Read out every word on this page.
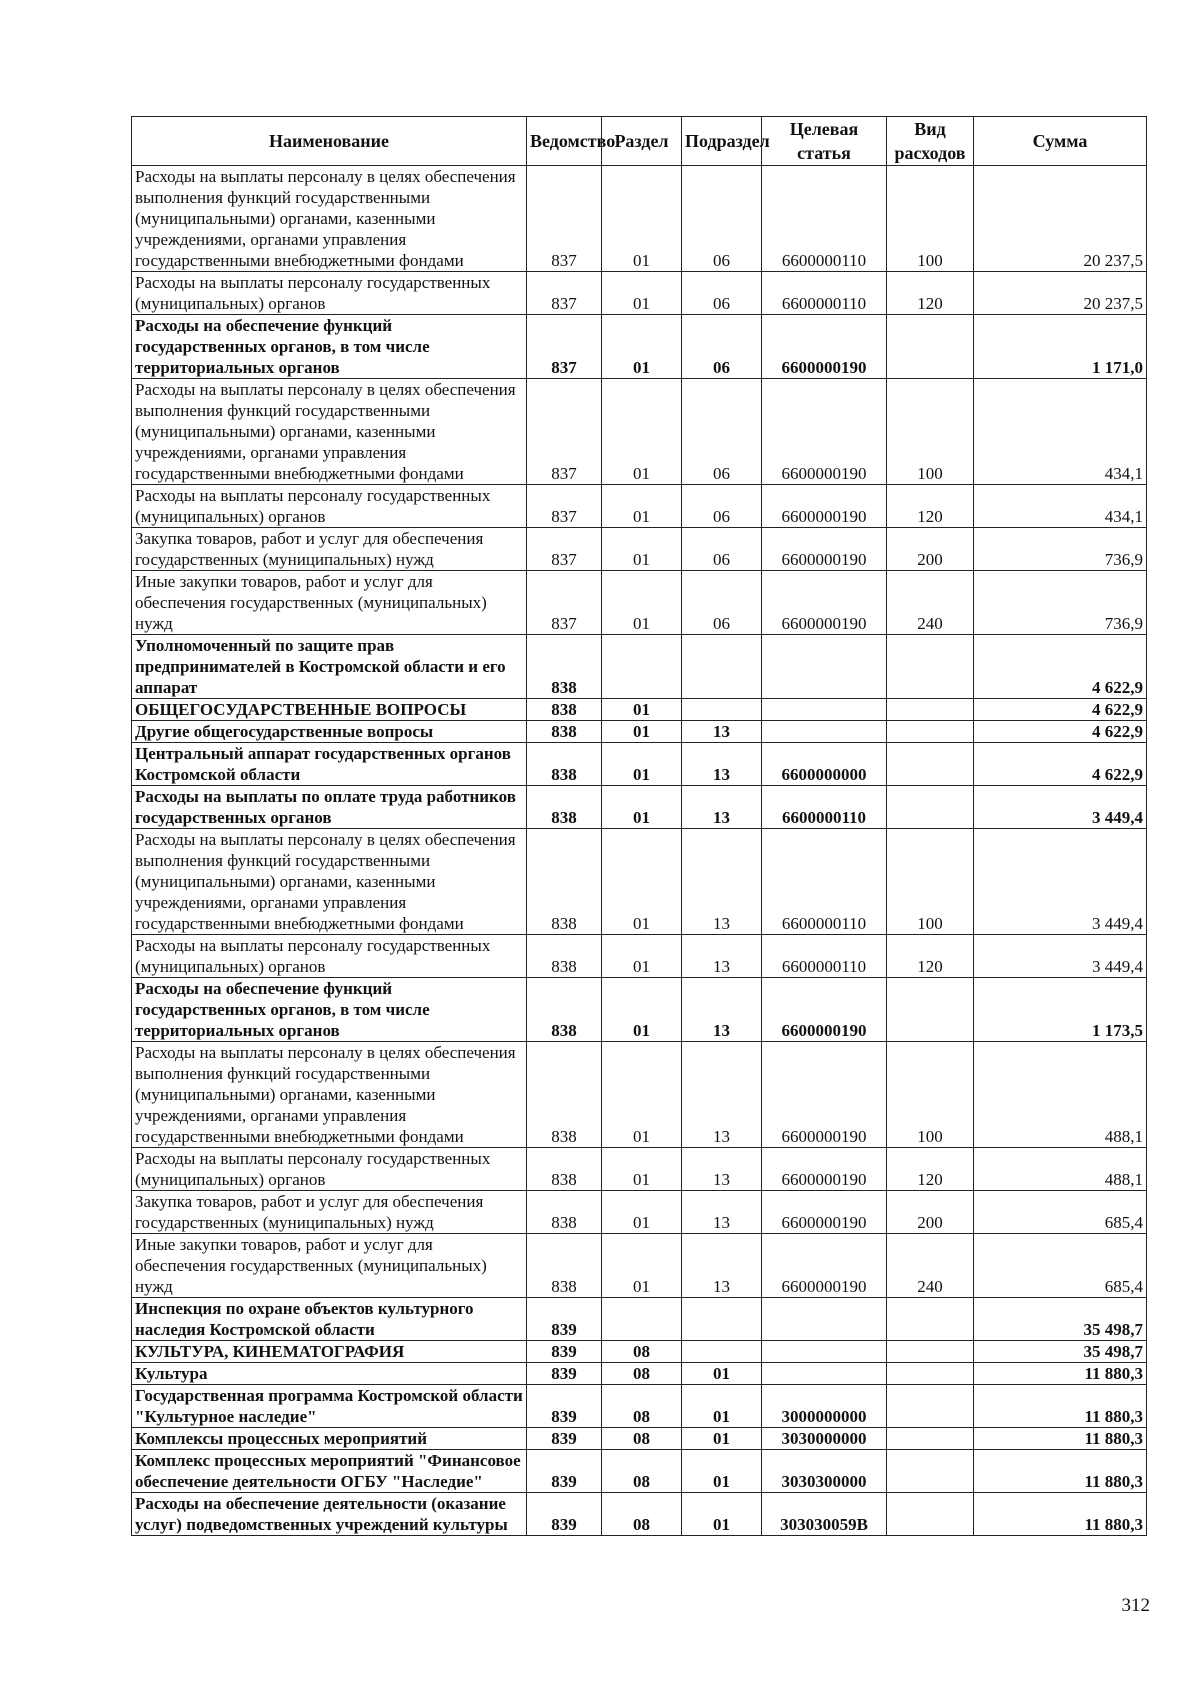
Наименование	Ведомство	Раздел	Подраздел	Целевая статья	Вид расходов	Сумма
Расходы на выплаты персоналу в целях обеспечения выполнения функций государственными (муниципальными) органами, казенными учреждениями, органами управления государственными внебюджетными фондами	837	01	06	6600000110	100	20 237,5
Расходы на выплаты персоналу государственных (муниципальных) органов	837	01	06	6600000110	120	20 237,5
Расходы на обеспечение функций государственных органов, в том числе территориальных органов	837	01	06	6600000190		1 171,0
Расходы на выплаты персоналу в целях обеспечения выполнения функций государственными (муниципальными) органами, казенными учреждениями, органами управления государственными внебюджетными фондами	837	01	06	6600000190	100	434,1
Расходы на выплаты персоналу государственных (муниципальных) органов	837	01	06	6600000190	120	434,1
Закупка товаров, работ и услуг для обеспечения государственных (муниципальных) нужд	837	01	06	6600000190	200	736,9
Иные закупки товаров, работ и услуг для обеспечения государственных (муниципальных) нужд	837	01	06	6600000190	240	736,9
Уполномоченный по защите прав предпринимателей в Костромской области и его аппарат	838					4 622,9
ОБЩЕГОСУДАРСТВЕННЫЕ ВОПРОСЫ	838	01				4 622,9
Другие общегосударственные вопросы	838	01	13			4 622,9
Центральный аппарат государственных органов Костромской области	838	01	13	6600000000		4 622,9
Расходы на выплаты по оплате труда работников государственных органов	838	01	13	6600000110		3 449,4
Расходы на выплаты персоналу в целях обеспечения выполнения функций государственными (муниципальными) органами, казенными учреждениями, органами управления государственными внебюджетными фондами	838	01	13	6600000110	100	3 449,4
Расходы на выплаты персоналу государственных (муниципальных) органов	838	01	13	6600000110	120	3 449,4
Расходы на обеспечение функций государственных органов, в том числе территориальных органов	838	01	13	6600000190		1 173,5
Расходы на выплаты персоналу в целях обеспечения выполнения функций государственными (муниципальными) органами, казенными учреждениями, органами управления государственными внебюджетными фондами	838	01	13	6600000190	100	488,1
Расходы на выплаты персоналу государственных (муниципальных) органов	838	01	13	6600000190	120	488,1
Закупка товаров, работ и услуг для обеспечения государственных (муниципальных) нужд	838	01	13	6600000190	200	685,4
Иные закупки товаров, работ и услуг для обеспечения государственных (муниципальных) нужд	838	01	13	6600000190	240	685,4
Инспекция по охране объектов культурного наследия Костромской области	839					35 498,7
КУЛЬТУРА, КИНЕМАТОГРАФИЯ	839	08				35 498,7
Культура	839	08	01			11 880,3
Государственная программа Костромской области "Культурное наследие"	839	08	01	3000000000		11 880,3
Комплексы процессных мероприятий	839	08	01	3030000000		11 880,3
Комплекс процессных мероприятий "Финансовое обеспечение деятельности ОГБУ "Наследие"	839	08	01	3030300000		11 880,3
Расходы на обеспечение деятельности (оказание услуг) подведомственных учреждений культуры	839	08	01	303030059В		11 880,3
312
